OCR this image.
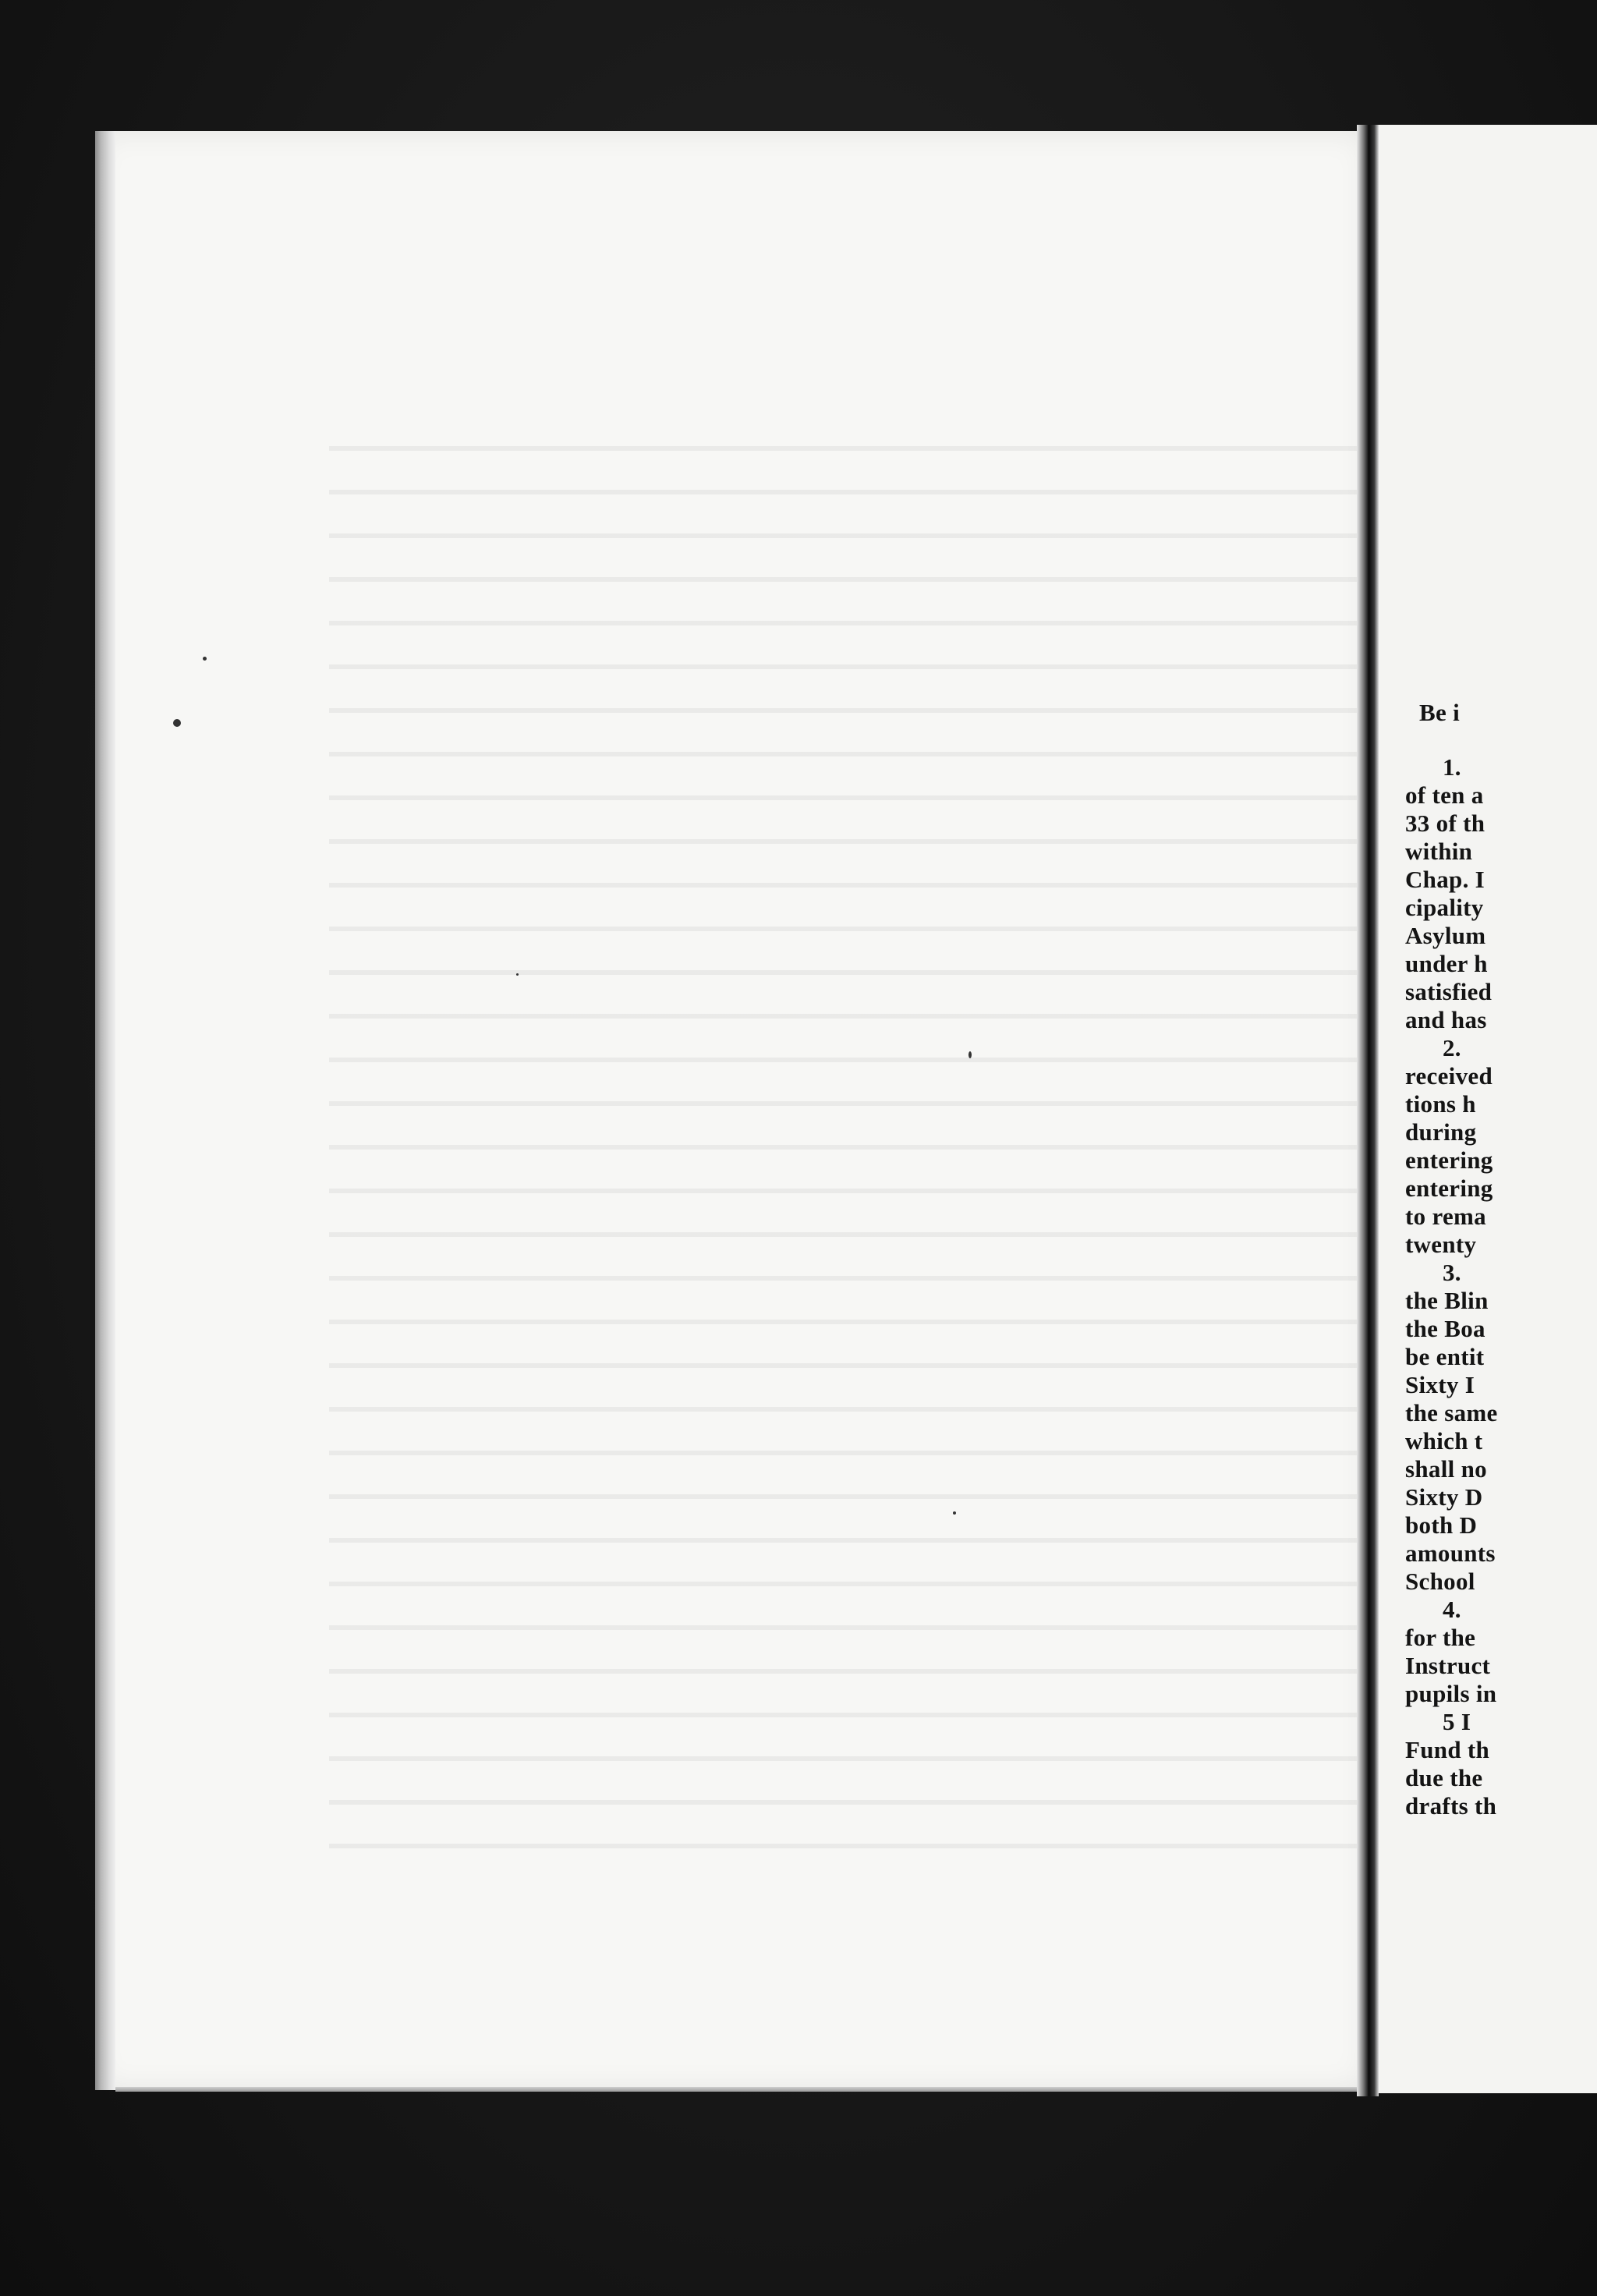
Be i
1.
of ten a
33 of th
within
Chap. I
cipality
Asylum
under h
satisfied
and has
2.
received
tions h
during
entering
entering
to rema
twenty
3.
the Blin
the Boa
be entit
Sixty I
the same
which t
shall no
Sixty D
both D
amounts
School
4.
for the
Instruct
pupils in
5 I
Fund th
due the
drafts th
